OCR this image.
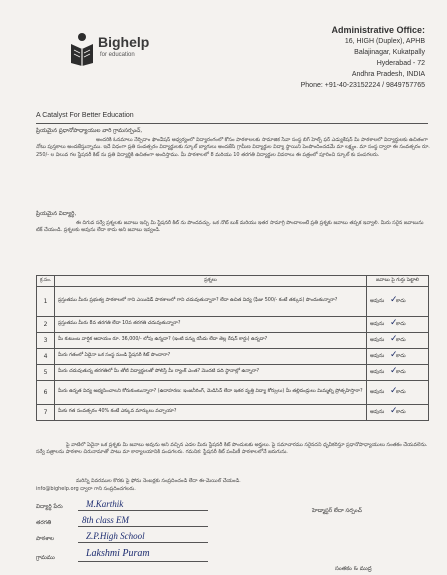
Bighelp
for education
A Catalyst For Better Education
Administrative Office:
16, HIGH (Duplex), APHB
Balajinagar, Kukatpally
Hyderabad - 72
Andhra Pradesh, INDIA
Phone: +91-40-23152224 / 9849757765
ప్రియమైన ప్రధానోపాధ్యాయుల వారి గ్రామసర్పంచ్,
అందరికీ ఓనమాలు నేర్పిదాం ఫౌండేషన్ ఆధ్వర్యంలో విద్యారంగంలో కోసం పాఠశాలలకు సామాజిక సేవా సంస్థ బిగ్ హెల్ప్ ఫర్ ఎడ్యుకేషన్ మీ పాఠశాలలో విద్యార్థులకు ఉచితంగా నోటు పుస్తకాలు అందజేస్తున్నాము. ఇదే విధంగా ప్రతి సంవత్సరం విద్యార్థులకు స్కూల్ బ్యాగులు అందజేసి గ్రామీణ విద్యార్థుల విద్యా స్థాయిని పెంపొందించడమే మా లక్ష్యం. మా సంస్థ ద్వారా ఈ సంవత్సరం రూ. 250/- ల విలువ గల స్టేషనరీ కిట్ ను ప్రతి విద్యార్థికి ఉచితంగా అందిస్తాము. మీ పాఠశాలలో 8 మరియు 10 తరగతి విద్యార్థుల వివరాలు ఈ పత్రంలో పూరించి స్కూల్ కు పంపగలరు.
ప్రియమైన విద్యార్థి,
ఈ దిగువ సర్వే ప్రశ్నలకు జవాబు ఇచ్చి మీ స్టేషనరీ కిట్ ను పొందవచ్చు. ఒక నోట్ బుక్ మరియు ఇతర సామాగ్రి పొందాలంటే ప్రతి ప్రశ్నకు జవాబు తప్పక ఇవ్వాలి. మీరు సరైన జవాబును టిక్ చేయండి. ప్రశ్నలకు అవును లేదా కాదు అని జవాబు ఇవ్వండి.
క్ర.సం.	ప్రశ్నలు	జవాబు పై గుర్తు పెట్టాలి
1	ప్రస్తుతము మీరు ప్రభుత్వ పాఠశాలలో గాని ఎయిడెడ్ పాఠశాలలో గాని చదువుతున్నారా? లేదా ఉచిత విద్య (ఫీజు 500/- కంటే తక్కువ) పొందుతున్నారా?	అవును ✓
కాదు
2	ప్రస్తుతము మీరు 8వ తరగతి లేదా 10వ తరగతి చదువుతున్నారా?	అవును ✓
కాదు
3	మీ కుటుంబ వార్షిక ఆదాయం రూ. 36,000/- లోపు ఉన్నదా? (ఇంటి పన్ను రసీదు లేదా తెల్ల రేషన్ కార్డు) ఉన్నదా?	అవును ✓
కాదు
4	మీరు గతంలో ఏదైనా ఒక సంస్థ నుండి స్టేషనరీ కిట్ పొందారా?	అవును ✓
కాదు
5	మీరు చదువుతున్న తరగతిలో మీ తోటి విద్యార్థులతో పోలిస్తే మీ ర్యాంక్ ఎంత? మొదటి పది స్థానాల్లో ఉన్నారా?	అవును ✓
కాదు
6	మీరు ఉన్నత విద్య అభ్యసించాలని కోరుకుంటున్నారా? (ఉదాహరణ: ఇంజనీరింగ్, మెడిసిన్ లేదా ఇతర వృత్తి విద్యా కోర్సులు) మీ తల్లిదండ్రులు మిమ్మల్ని ప్రోత్సహిస్తారా?	అవును ✓
కాదు
7	మీకు గత సంవత్సరం 40% కంటే ఎక్కువ మార్కులు వచ్చాయా?	అవును ✓
కాదు
పై వాటిలో ఏదైనా ఒక ప్రశ్నకు మీ జవాబు అవును అని వచ్చిన ఎడల మీరు స్టేషనరీ కిట్ పొందుటకు అర్హులు. పై సమాచారము సరైనదని ధృవీకరిస్తూ ప్రధానోపాధ్యాయులు సంతకం చేయవలెను. సర్వే పత్రాలను పాఠశాల చిరునామాతో పాటు మా కార్యాలయానికి పంపగలరు. గమనిక: స్టేషనరీ కిట్ పంపిణీ పాఠశాలలోనే జరుగును.
మరిన్ని వివరముల కొరకు పై ఫోను నెంబర్లకు సంప్రదించండి లేదా ఈ-మెయిల్ చేయండి.
info@bighelp.org ద్వారా గాని సంప్రదించగలరు.
విద్యార్థి పేరు	M.Karthik
తరగతి	8th class EM
పాఠశాల	Z.P.High School
గ్రామము	Lakshmi Puram
హెడ్మాస్టర్ లేదా సర్పంచ్
సంతకం & ముద్ర
